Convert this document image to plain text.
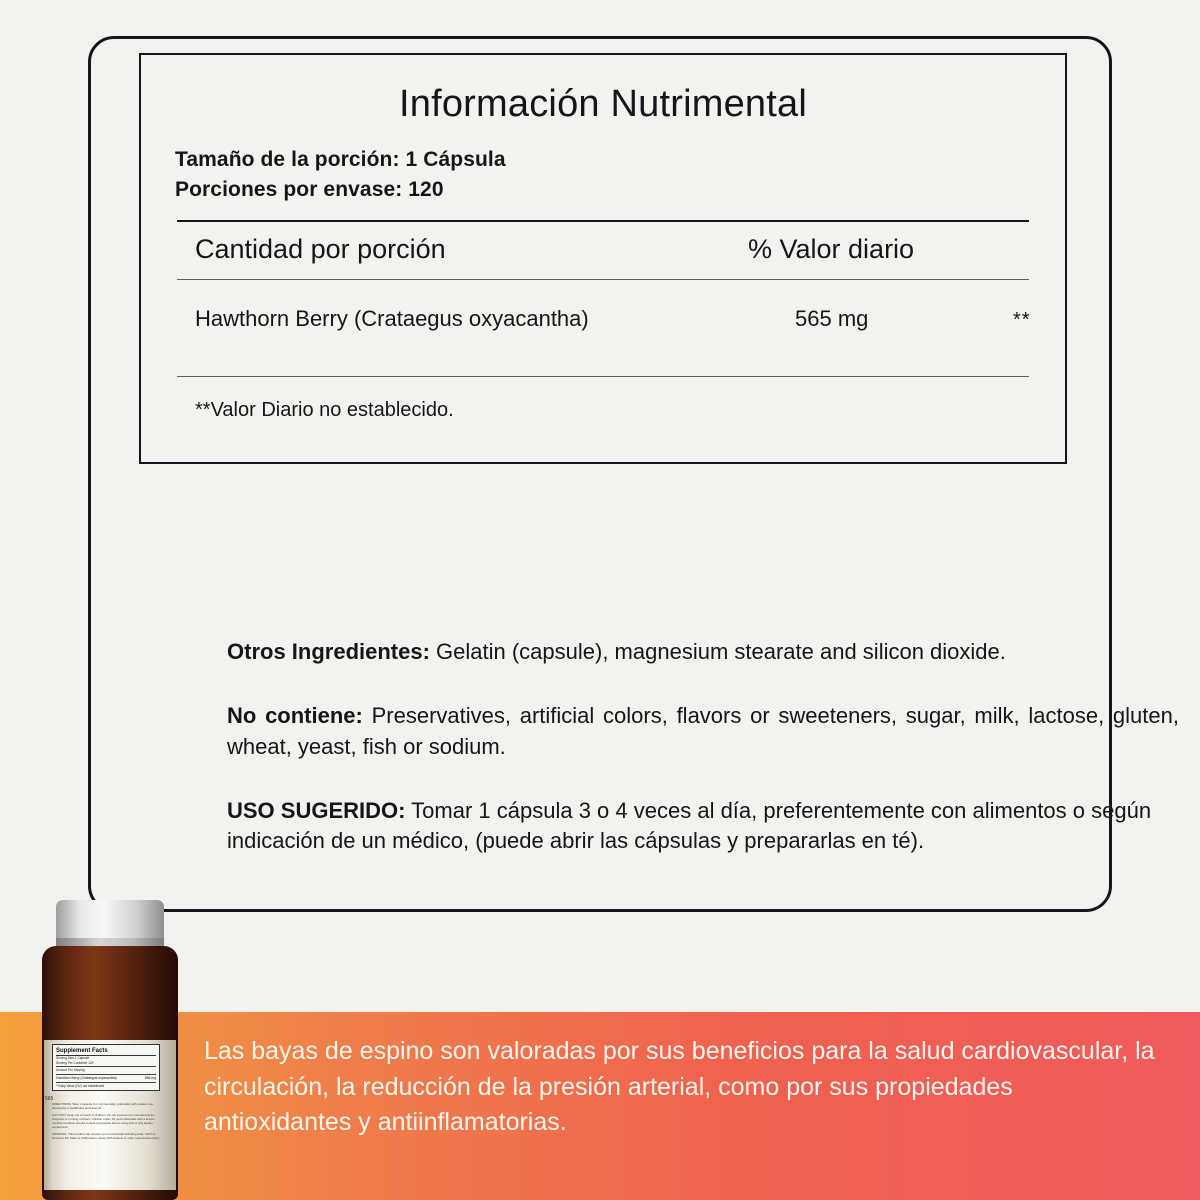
Información Nutrimental
Tamaño de la porción: 1 Cápsula
Porciones por envase: 120
Cantidad por porción	% Valor diario
Hawthorn Berry (Crataegus oxyacantha)	565 mg	**
**Valor Diario no establecido.

Otros Ingredientes: Gelatin (capsule), magnesium stearate and silicon dioxide.

No contiene: Preservatives, artificial colors, flavors or sweeteners, sugar, milk, lactose, gluten, wheat, yeast, fish or sodium.

USO SUGERIDO: Tomar 1 cápsula 3 o 4 veces al día, preferentemente con alimentos o según indicación de un médico, (puede abrir las cápsulas y prepararlas en té).

Las bayas de espino son valoradas por sus beneficios para la salud cardiovascular, la circulación, la reducción de la presión arterial, como por sus propiedades antioxidantes y antiinflamatorias.
565
Supplement Facts
Serving Size 1 Capsule
Serving Per Container 120
Amount Per Serving
Hawthorn Berry (Crataegus oxyacantha)	565 mg
**Daily Value (DV) not established

DIRECTIONS: Take 1 capsule 3 or 4 times daily, preferably with meals or as directed by a healthcare professional.

CAUTION: Keep out of reach of children. Do not exceed recommended dose. Pregnant or nursing mothers, children under 18, and individuals with a known medical condition should consult a physician before using this or any dietary supplement.

WARNING: This product can expose you to chemicals including lead, which is known to the State of California to cause birth defects or other reproductive harm.
